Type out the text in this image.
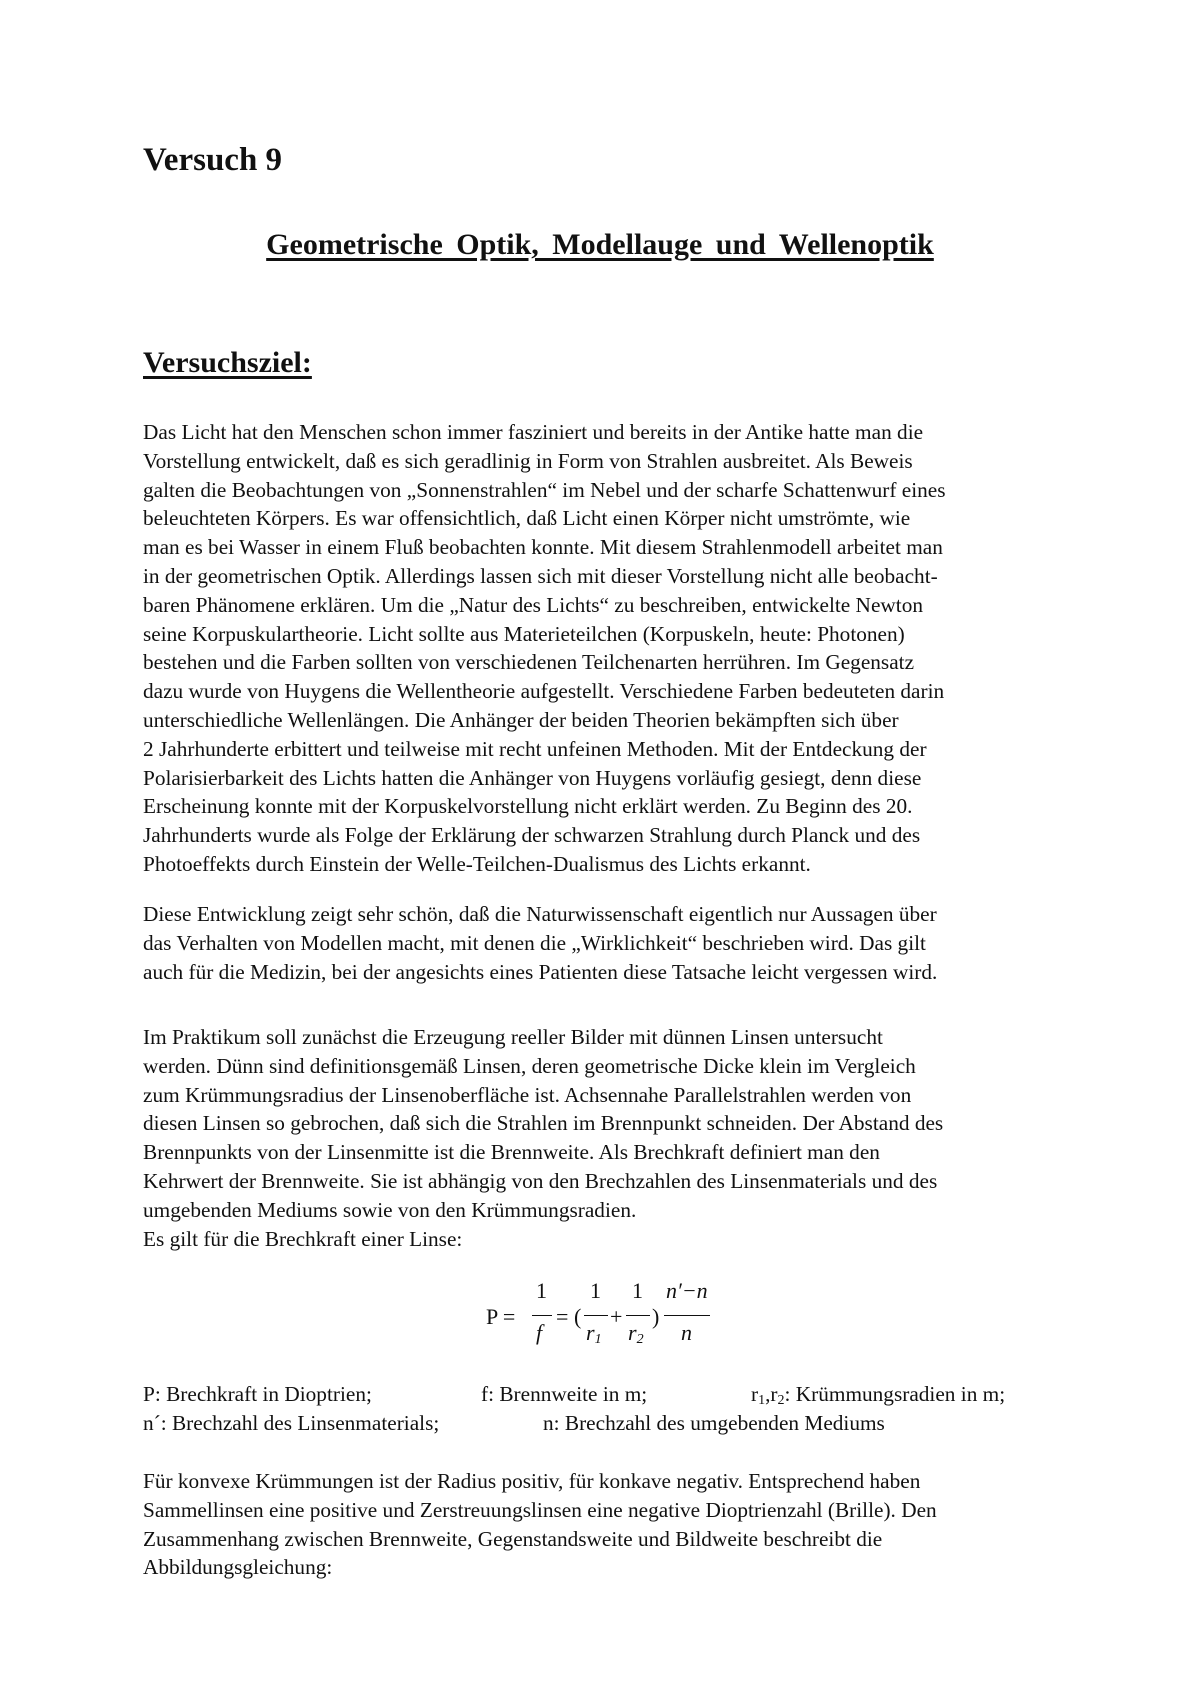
Versuch 9
Geometrische Optik, Modellauge und Wellenoptik
Versuchsziel:
Das Licht hat den Menschen schon immer fasziniert und bereits in der Antike hatte man die
Vorstellung entwickelt, daß es sich geradlinig in Form von Strahlen ausbreitet. Als Beweis
galten die Beobachtungen von „Sonnenstrahlen“ im Nebel und der scharfe Schattenwurf eines
beleuchteten Körpers. Es war offensichtlich, daß Licht einen Körper nicht umströmte, wie
man es bei Wasser in einem Fluß beobachten konnte. Mit diesem Strahlenmodell arbeitet man
in der geometrischen Optik. Allerdings lassen sich mit dieser Vorstellung nicht alle beobacht-
baren Phänomene erklären. Um die „Natur des Lichts“ zu beschreiben, entwickelte Newton
seine Korpuskulartheorie. Licht sollte aus Materieteilchen (Korpuskeln, heute: Photonen)
bestehen und die Farben sollten von verschiedenen Teilchenarten herrühren. Im Gegensatz
dazu wurde von Huygens die Wellentheorie aufgestellt. Verschiedene Farben bedeuteten darin
unterschiedliche Wellenlängen. Die Anhänger der beiden Theorien bekämpften sich über
2 Jahrhunderte erbittert und teilweise mit recht unfeinen Methoden. Mit der Entdeckung der
Polarisierbarkeit des Lichts hatten die Anhänger von Huygens vorläufig gesiegt, denn diese
Erscheinung konnte mit der Korpuskelvorstellung nicht erklärt werden. Zu Beginn des 20.
Jahrhunderts wurde als Folge der Erklärung der schwarzen Strahlung durch Planck und des
Photoeffekts durch Einstein der Welle-Teilchen-Dualismus des Lichts erkannt.
Diese Entwicklung zeigt sehr schön, daß die Naturwissenschaft eigentlich nur Aussagen über
das Verhalten von Modellen macht, mit denen die „Wirklichkeit“ beschrieben wird. Das gilt
auch für die Medizin, bei der angesichts eines Patienten diese Tatsache leicht vergessen wird.
Im Praktikum soll zunächst die Erzeugung reeller Bilder mit dünnen Linsen untersucht
werden. Dünn sind definitionsgemäß Linsen, deren geometrische Dicke klein im Vergleich
zum Krümmungsradius der Linsenoberfläche ist. Achsennahe Parallelstrahlen werden von
diesen Linsen so gebrochen, daß sich die Strahlen im Brennpunkt schneiden. Der Abstand des
Brennpunkts von der Linsenmitte ist die Brennweite. Als Brechkraft definiert man den
Kehrwert der Brennweite. Sie ist abhängig von den Brechzahlen des Linsenmaterials und des
umgebenden Mediums sowie von den Krümmungsradien.
Es gilt für die Brechkraft einer Linse:
P =
1
f
= (
1
$r_1$
+
1
$r_2$
)
n′−n
n
P: Brechkraft in Dioptrien;	f: Brennweite in m;	$r_1,r_2$: Krümmungsradien in m;
n´: Brechzahl des Linsenmaterials;	n: Brechzahl des umgebenden Mediums
Für konvexe Krümmungen ist der Radius positiv, für konkave negativ. Entsprechend haben
Sammellinsen eine positive und Zerstreuungslinsen eine negative Dioptrienzahl (Brille). Den
Zusammenhang zwischen Brennweite, Gegenstandsweite und Bildweite beschreibt die
Abbildungsgleichung:
